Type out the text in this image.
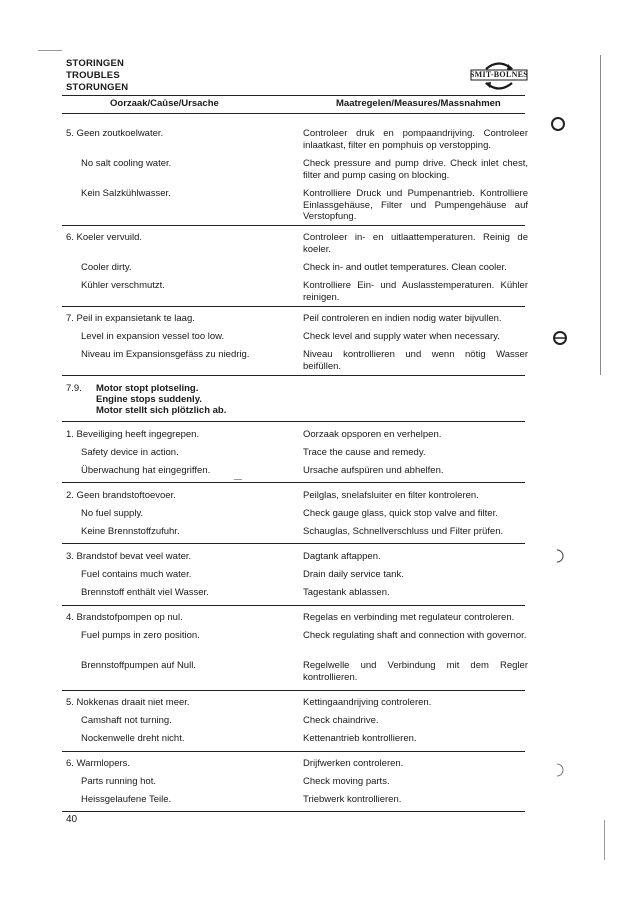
STORINGEN
TROUBLES
STORUNGEN
SMIT-BOLNES
Oorzaak/Caûse/Ursache	Maatregelen/Measures/Massnahmen
5. Geen zoutkoelwater.
No salt cooling water.
Kein Salzkühlwasser.
Controleer druk en pompaandrijving. Controleer inlaatkast, filter en pomphuis op verstopping.
Check pressure and pump drive. Check inlet chest, filter and pump casing on blocking.
Kontrolliere Druck und Pumpenantrieb. Kontrolliere Einlassgehäuse, Filter und Pumpengehäuse auf Verstopfung.
6. Koeler vervuild.
Cooler dirty.
Kühler verschmutzt.
Controleer in- en uitlaattemperaturen. Reinig de koeler.
Check in- and outlet temperatures. Clean cooler.
Kontrolliere Ein- und Auslasstemperaturen. Kühler reinigen.
7. Peil in expansietank te laag.
Level in expansion vessel too low.
Niveau im Expansionsgefäss zu niedrig.
Peil controleren en indien nodig water bijvullen.
Check level and supply water when necessary.
Niveau kontrollieren und wenn nötig Wasser beifüllen.
7.9. Motor stopt plotseling.
Engine stops suddenly.
Motor stellt sich plötzlich ab.
1. Beveiliging heeft ingegrepen.
Safety device in action.
Überwachung hat eingegriffen.
Oorzaak opsporen en verhelpen.
Trace the cause and remedy.
Ursache aufspüren und abhelfen.
2. Geen brandstoftoevoer.
No fuel supply.
Keine Brennstoffzufuhr.
Peilglas, snelafsluiter en filter kontroleren.
Check gauge glass, quick stop valve and filter.
Schauglas, Schnellverschluss und Filter prüfen.
3. Brandstof bevat veel water.
Fuel contains much water.
Brennstoff enthält viel Wasser.
Dagtank aftappen.
Drain daily service tank.
Tagestank ablassen.
4. Brandstofpompen op nul.
Fuel pumps in zero position.
Brennstoffpumpen auf Null.
Regelas en verbinding met regulateur controleren.
Check regulating shaft and connection with governor.
Regelwelle und Verbindung mit dem Regler kontrollieren.
5. Nokkenas draait niet meer.
Camshaft not turning.
Nockenwelle dreht nicht.
Kettingaandrijving controleren.
Check chaindrive.
Kettenantrieb kontrollieren.
6. Warmlopers.
Parts running hot.
Heissgelaufene Teile.
Drijfwerken controleren.
Check moving parts.
Triebwerk kontrollieren.
40
